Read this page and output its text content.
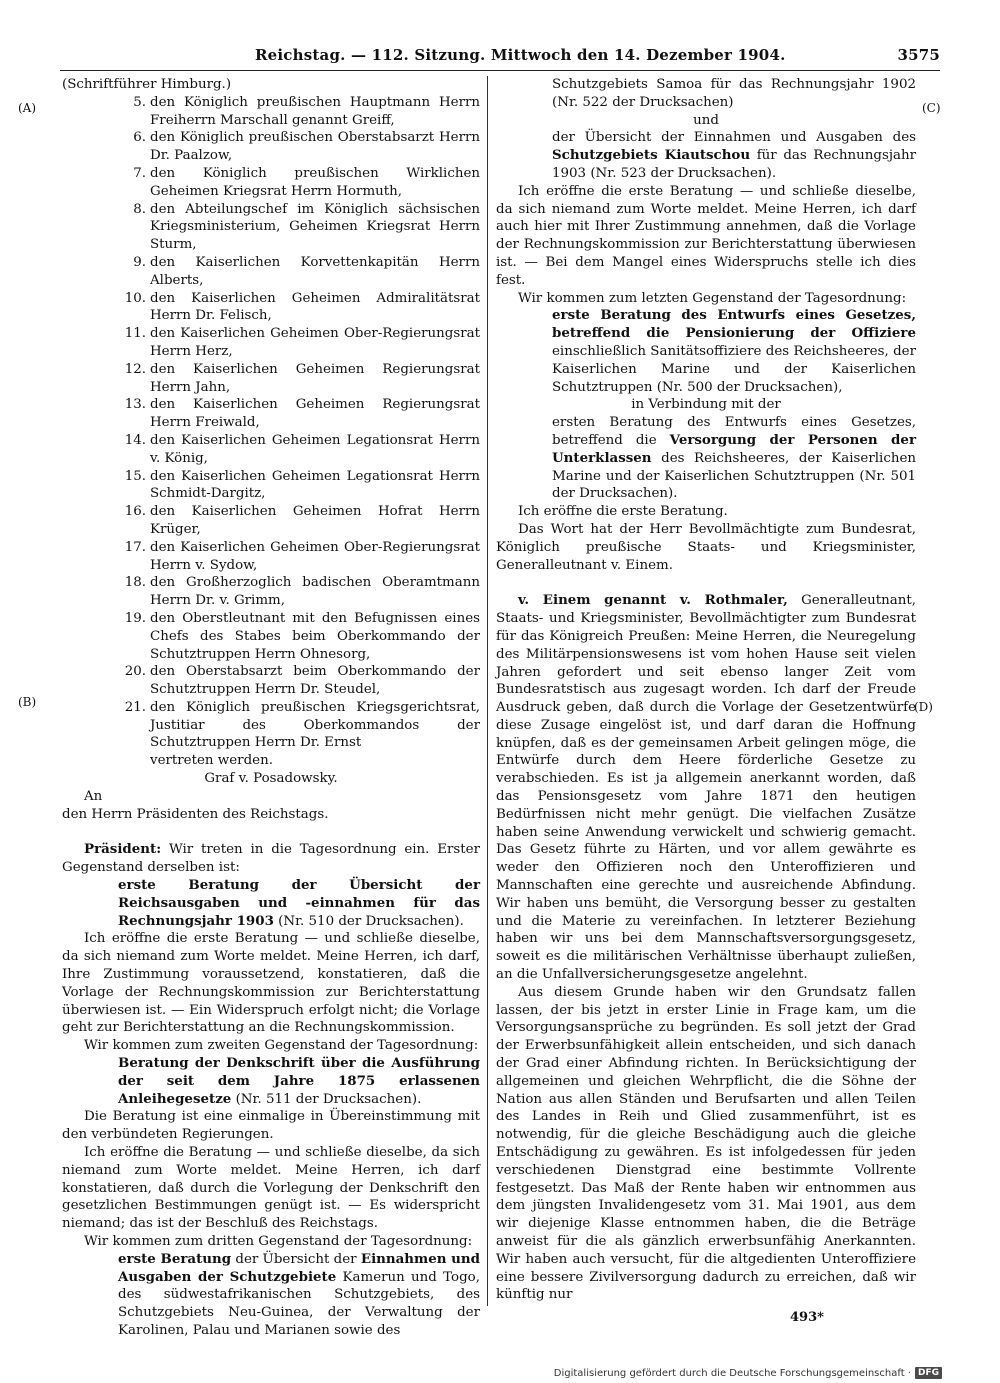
Reichstag. — 112. Sitzung. Mittwoch den 14. Dezember 1904.	3575
(A)
(B)
(C)
(D)

(Schriftführer Himburg.)

5. den Königlich preußischen Hauptmann Herrn Freiherrn Marschall genannt Greiff,
6. den Königlich preußischen Oberstabsarzt Herrn Dr. Paalzow,
7. den Königlich preußischen Wirklichen Geheimen Kriegsrat Herrn Hormuth,
8. den Abteilungschef im Königlich sächsischen Kriegsministerium, Geheimen Kriegsrat Herrn Sturm,
9. den Kaiserlichen Korvettenkapitän Herrn Alberts,
10. den Kaiserlichen Geheimen Admiralitätsrat Herrn Dr. Felisch,
11. den Kaiserlichen Geheimen Ober-Regierungsrat Herrn Herz,
12. den Kaiserlichen Geheimen Regierungsrat Herrn Jahn,
13. den Kaiserlichen Geheimen Regierungsrat Herrn Freiwald,
14. den Kaiserlichen Geheimen Legationsrat Herrn v. König,
15. den Kaiserlichen Geheimen Legationsrat Herrn Schmidt-Dargitz,
16. den Kaiserlichen Geheimen Hofrat Herrn Krüger,
17. den Kaiserlichen Geheimen Ober-Regierungsrat Herrn v. Sydow,
18. den Großherzoglich badischen Oberamtmann Herrn Dr. v. Grimm,
19. den Oberstleutnant mit den Befugnissen eines Chefs des Stabes beim Oberkommando der Schutztruppen Herrn Ohnesorg,
20. den Oberstabsarzt beim Oberkommando der Schutztruppen Herrn Dr. Steudel,
21. den Königlich preußischen Kriegsgerichtsrat, Justitiar des Oberkommandos der Schutztruppen Herrn Dr. Ernst

vertreten werden.

Graf v. Posadowsky.

An

den Herrn Präsidenten des Reichstags.

Präsident: Wir treten in die Tagesordnung ein. Erster Gegenstand derselben ist:

erste Beratung der Übersicht der Reichsausgaben und -einnahmen für das Rechnungsjahr 1903 (Nr. 510 der Drucksachen).

Ich eröffne die erste Beratung — und schließe dieselbe, da sich niemand zum Worte meldet. Meine Herren, ich darf, Ihre Zustimmung voraussetzend, konstatieren, daß die Vorlage der Rechnungskommission zur Berichterstattung überwiesen ist. — Ein Widerspruch erfolgt nicht; die Vorlage geht zur Berichterstattung an die Rechnungskommission.

Wir kommen zum zweiten Gegenstand der Tagesordnung:

Beratung der Denkschrift über die Ausführung der seit dem Jahre 1875 erlassenen Anleihegesetze (Nr. 511 der Drucksachen).

Die Beratung ist eine einmalige in Übereinstimmung mit den verbündeten Regierungen.

Ich eröffne die Beratung — und schließe dieselbe, da sich niemand zum Worte meldet. Meine Herren, ich darf konstatieren, daß durch die Vorlegung der Denkschrift den gesetzlichen Bestimmungen genügt ist. — Es widerspricht niemand; das ist der Beschluß des Reichstags.

Wir kommen zum dritten Gegenstand der Tagesordnung:

erste Beratung der Übersicht der Einnahmen und Ausgaben der Schutzgebiete Kamerun und Togo, des südwestafrikanischen Schutzgebiets, des Schutzgebiets Neu-Guinea, der Verwaltung der Karolinen, Palau und Marianen sowie des

Schutzgebiets Samoa für das Rechnungsjahr 1902 (Nr. 522 der Drucksachen)

und

der Übersicht der Einnahmen und Ausgaben des Schutzgebiets Kiautschou für das Rechnungsjahr 1903 (Nr. 523 der Drucksachen).

Ich eröffne die erste Beratung — und schließe dieselbe, da sich niemand zum Worte meldet. Meine Herren, ich darf auch hier mit Ihrer Zustimmung annehmen, daß die Vorlage der Rechnungskommission zur Berichterstattung überwiesen ist. — Bei dem Mangel eines Widerspruchs stelle ich dies fest.

Wir kommen zum letzten Gegenstand der Tagesordnung:

erste Beratung des Entwurfs eines Gesetzes, betreffend die Pensionierung der Offiziere einschließlich Sanitätsoffiziere des Reichsheeres, der Kaiserlichen Marine und der Kaiserlichen Schutztruppen (Nr. 500 der Drucksachen),

in Verbindung mit der

ersten Beratung des Entwurfs eines Gesetzes, betreffend die Versorgung der Personen der Unterklassen des Reichsheeres, der Kaiserlichen Marine und der Kaiserlichen Schutztruppen (Nr. 501 der Drucksachen).

Ich eröffne die erste Beratung.

Das Wort hat der Herr Bevollmächtigte zum Bundesrat, Königlich preußische Staats- und Kriegsminister, Generalleutnant v. Einem.

v. Einem genannt v. Rothmaler, Generalleutnant, Staats- und Kriegsminister, Bevollmächtigter zum Bundesrat für das Königreich Preußen: Meine Herren, die Neuregelung des Militärpensionswesens ist vom hohen Hause seit vielen Jahren gefordert und seit ebenso langer Zeit vom Bundesratstisch aus zugesagt worden. Ich darf der Freude Ausdruck geben, daß durch die Vorlage der Gesetzentwürfe diese Zusage eingelöst ist, und darf daran die Hoffnung knüpfen, daß es der gemeinsamen Arbeit gelingen möge, die Entwürfe durch dem Heere förderliche Gesetze zu verabschieden. Es ist ja allgemein anerkannt worden, daß das Pensionsgesetz vom Jahre 1871 den heutigen Bedürfnissen nicht mehr genügt. Die vielfachen Zusätze haben seine Anwendung verwickelt und schwierig gemacht. Das Gesetz führte zu Härten, und vor allem gewährte es weder den Offizieren noch den Unteroffizieren und Mannschaften eine gerechte und ausreichende Abfindung. Wir haben uns bemüht, die Versorgung besser zu gestalten und die Materie zu vereinfachen. In letzterer Beziehung haben wir uns bei dem Mannschaftsversorgungsgesetz, soweit es die militärischen Verhältnisse überhaupt zuließen, an die Unfallversicherungsgesetze angelehnt.

Aus diesem Grunde haben wir den Grundsatz fallen lassen, der bis jetzt in erster Linie in Frage kam, um die Versorgungsansprüche zu begründen. Es soll jetzt der Grad der Erwerbsunfähigkeit allein entscheiden, und sich danach der Grad einer Abfindung richten. In Berücksichtigung der allgemeinen und gleichen Wehrpflicht, die die Söhne der Nation aus allen Ständen und Berufsarten und allen Teilen des Landes in Reih und Glied zusammenführt, ist es notwendig, für die gleiche Beschädigung auch die gleiche Entschädigung zu gewähren. Es ist infolgedessen für jeden verschiedenen Dienstgrad eine bestimmte Vollrente festgesetzt. Das Maß der Rente haben wir entnommen aus dem jüngsten Invalidengesetz vom 31. Mai 1901, aus dem wir diejenige Klasse entnommen haben, die die Beträge anweist für die als gänzlich erwerbsunfähig Anerkannten. Wir haben auch versucht, für die altgedienten Unteroffiziere eine bessere Zivilversorgung dadurch zu erreichen, daß wir künftig nur

493*
Digitalisierung gefördert durch die Deutsche Forschungsgemeinschaft · DFG
